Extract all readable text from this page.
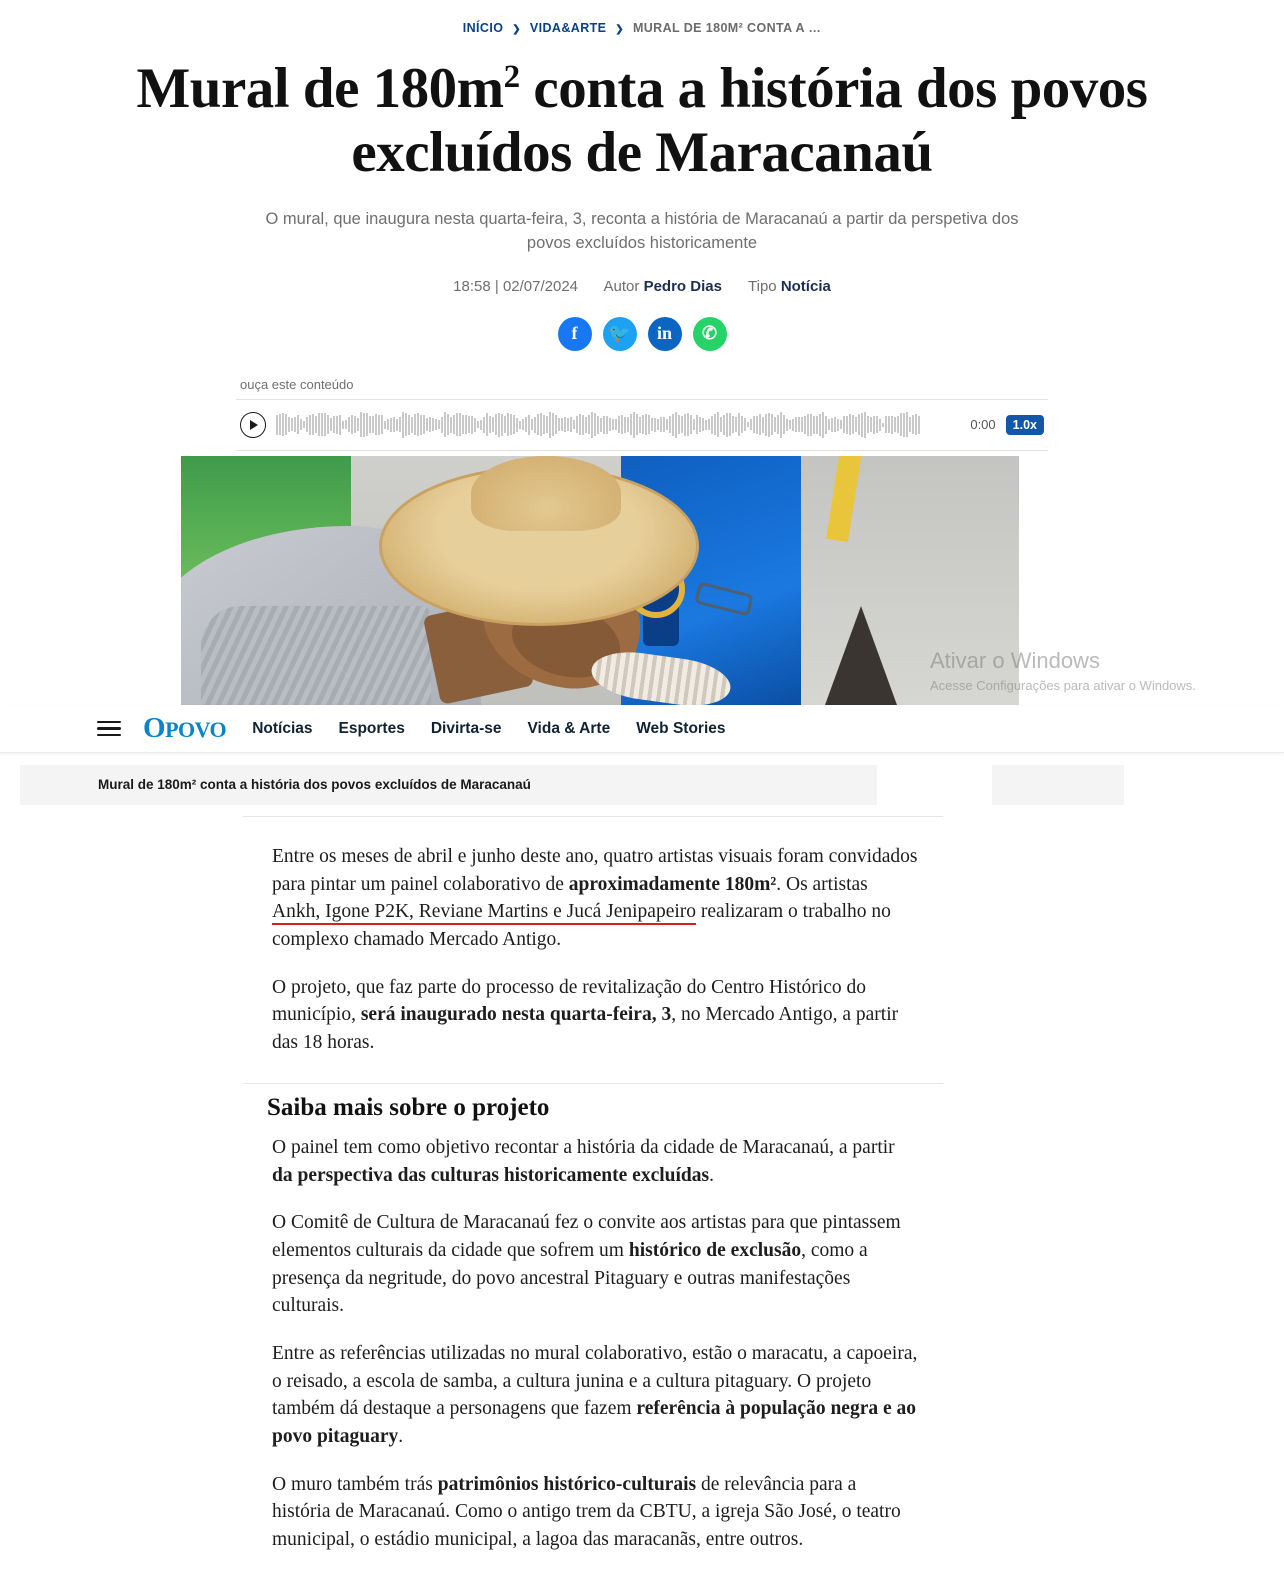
INÍCIO ❯ VIDA&ARTE ❯ MURAL DE 180M² CONTA A …
Mural de $180m^2$ conta a história dos povos excluídos de Maracanaú
O mural, que inaugura nesta quarta-feira, 3, reconta a história de Maracanaú a partir da perspetiva dos povos excluídos historicamente
18:58 | 02/07/2024 Autor Pedro Dias Tipo Notícia
f 🐦 in ✆
ouça este conteúdo
0:00	1.0x
Ativar o Windows
Acesse Configurações para ativar o Windows.
OPOVO Notícias Esportes Divirta-se Vida & Arte Web Stories
Mural de 180m² conta a história dos povos excluídos de Maracanaú

Entre os meses de abril e junho deste ano, quatro artistas visuais foram convidados para pintar um painel colaborativo de aproximadamente 180m². Os artistas Ankh, Igone P2K, Reviane Martins e Jucá Jenipapeiro realizaram o trabalho no complexo chamado Mercado Antigo.

O projeto, que faz parte do processo de revitalização do Centro Histórico do município, será inaugurado nesta quarta-feira, 3, no Mercado Antigo, a partir das 18 horas.

Saiba mais sobre o projeto

O painel tem como objetivo recontar a história da cidade de Maracanaú, a partir da perspectiva das culturas historicamente excluídas.

O Comitê de Cultura de Maracanaú fez o convite aos artistas para que pintassem elementos culturais da cidade que sofrem um histórico de exclusão, como a presença da negritude, do povo ancestral Pitaguary e outras manifestações culturais.

Entre as referências utilizadas no mural colaborativo, estão o maracatu, a capoeira, o reisado, a escola de samba, a cultura junina e a cultura pitaguary. O projeto também dá destaque a personagens que fazem referência à população negra e ao povo pitaguary.

O muro também trás patrimônios histórico-culturais de relevância para a história de Maracanaú. Como o antigo trem da CBTU, a igreja São José, o teatro municipal, o estádio municipal, a lagoa das maracanãs, entre outros.
